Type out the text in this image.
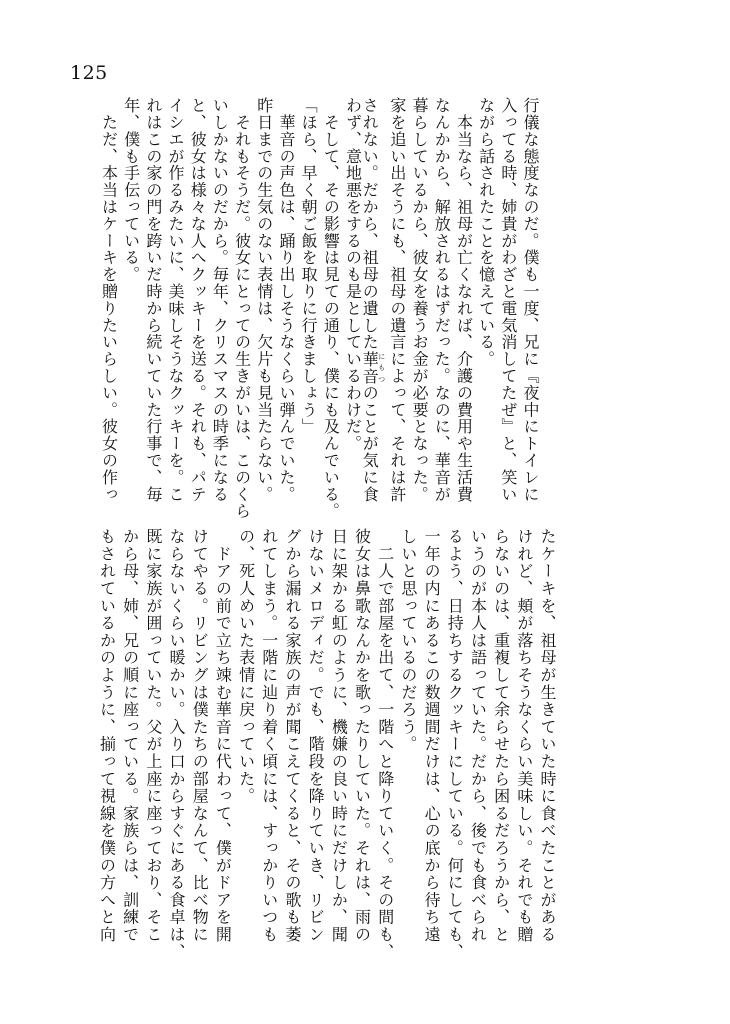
125
行儀な態度なのだ。僕も一度、兄に『夜中にトイレに
入ってる時、姉貴がわざと電気消してたぜ』と、笑い
ながら話されたことを憶えている。
　本当なら、祖母が亡くなれば、介護の費用や生活費
なんかから、解放されるはずだった。なのに、華音が
暮らしているから、彼女を養うお金が必要となった。
家を追い出そうにも、祖母の遺言によって、それは許
されない。だから、祖母の遺した華音にもつのことが気に食
わず、意地悪をするのも是としているわけだ。
　そして、その影響は見ての通り、僕にも及んでいる。
「ほら、早く朝ご飯を取りに行きましょう」
　華音の声色は、踊り出しそうなくらい弾んでいた。
昨日までの生気のない表情は、欠片も見当たらない。
　それもそうだ。彼女にとっての生きがいは、このくら
いしかないのだから。毎年、クリスマスの時季になる
と、彼女は様々な人へクッキーを送る。それも、パテ
イシエが作るみたいに、美味しそうなクッキーを。こ
れはこの家の門を跨いだ時から続いていた行事で、毎
年、僕も手伝っている。
　ただ、本当はケーキを贈りたいらしい。彼女の作っ
たケーキを、祖母が生きていた時に食べたことがある
けれど、頬が落ちそうなくらい美味しい。それでも贈
らないのは、重複して余らせたら困るだろうから、と
いうのが本人は語っていた。だから、後でも食べられ
るよう、日持ちするクッキーにしている。何にしても、
一年の内にあるこの数週間だけは、心の底から待ち遠
しいと思っているのだろう。
　二人で部屋を出て、一階へと降りていく。その間も、
彼女は鼻歌なんかを歌ったりしていた。それは、雨の
日に架かる虹のように、機嫌の良い時にだけしか、聞
けないメロディだ。でも、階段を降りていき、リビン
グから漏れる家族の声が聞こえてくると、その歌も萎
れてしまう。一階に辿り着く頃には、すっかりいつも
の、死人めいた表情に戻っていた。
　ドアの前で立ち竦む華音に代わって、僕がドアを開
けてやる。リビングは僕たちの部屋なんて、比べ物に
ならないくらい暖かい。入り口からすぐにある食卓は、
既に家族が囲っていた。父が上座に座っており、そこ
から母、姉、兄の順に座っている。家族らは、訓練で
もされているかのように、揃って視線を僕の方へと向
